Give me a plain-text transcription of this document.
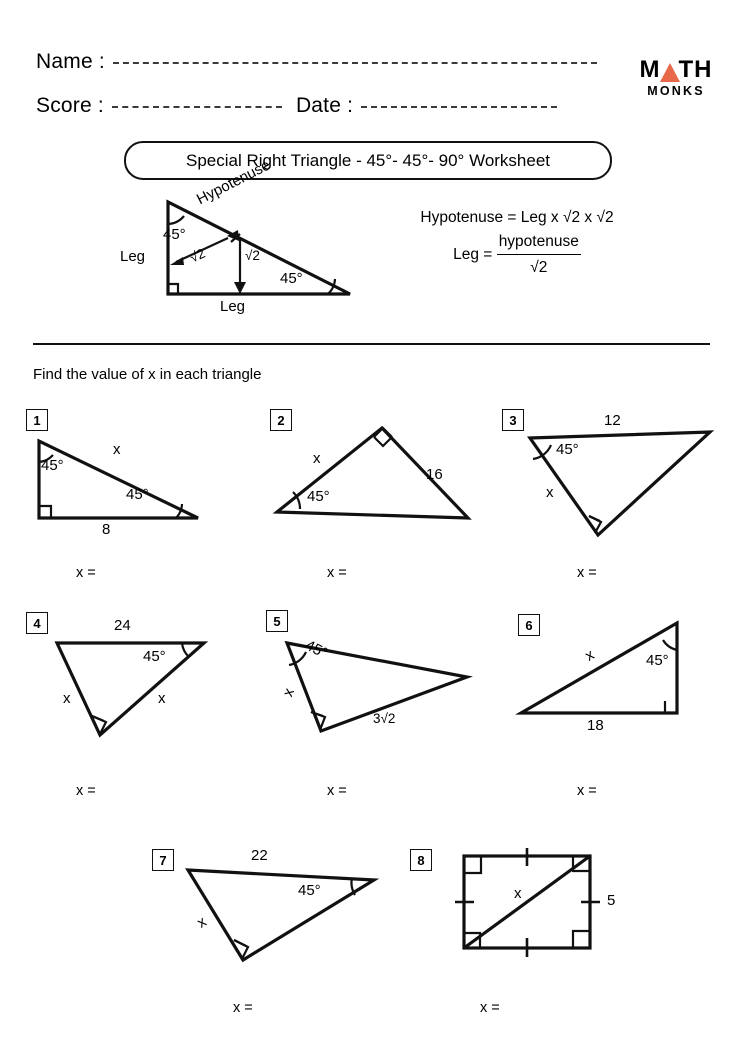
Name :
Score :	Date :
M TH
MONKS
Special Right Triangle - 45°- 45°- 90° Worksheet
45°
45°
Hypotenuse
Leg
Leg
√2	√2
Hypotenuse = Leg x √2 x √2
Leg = $\frac{\text{hypotenuse}}{√2}$
Find the value of x in each triangle
1
45°
45°
x
8
x =
2
x
16
45°
x =
3	12
45°
x
x =
4	24
45°
x	x
x =
5
45°
x
3√2
x =
6
x	45°
18
x =
7	22
45°
x
x =
8
x	5
x =
